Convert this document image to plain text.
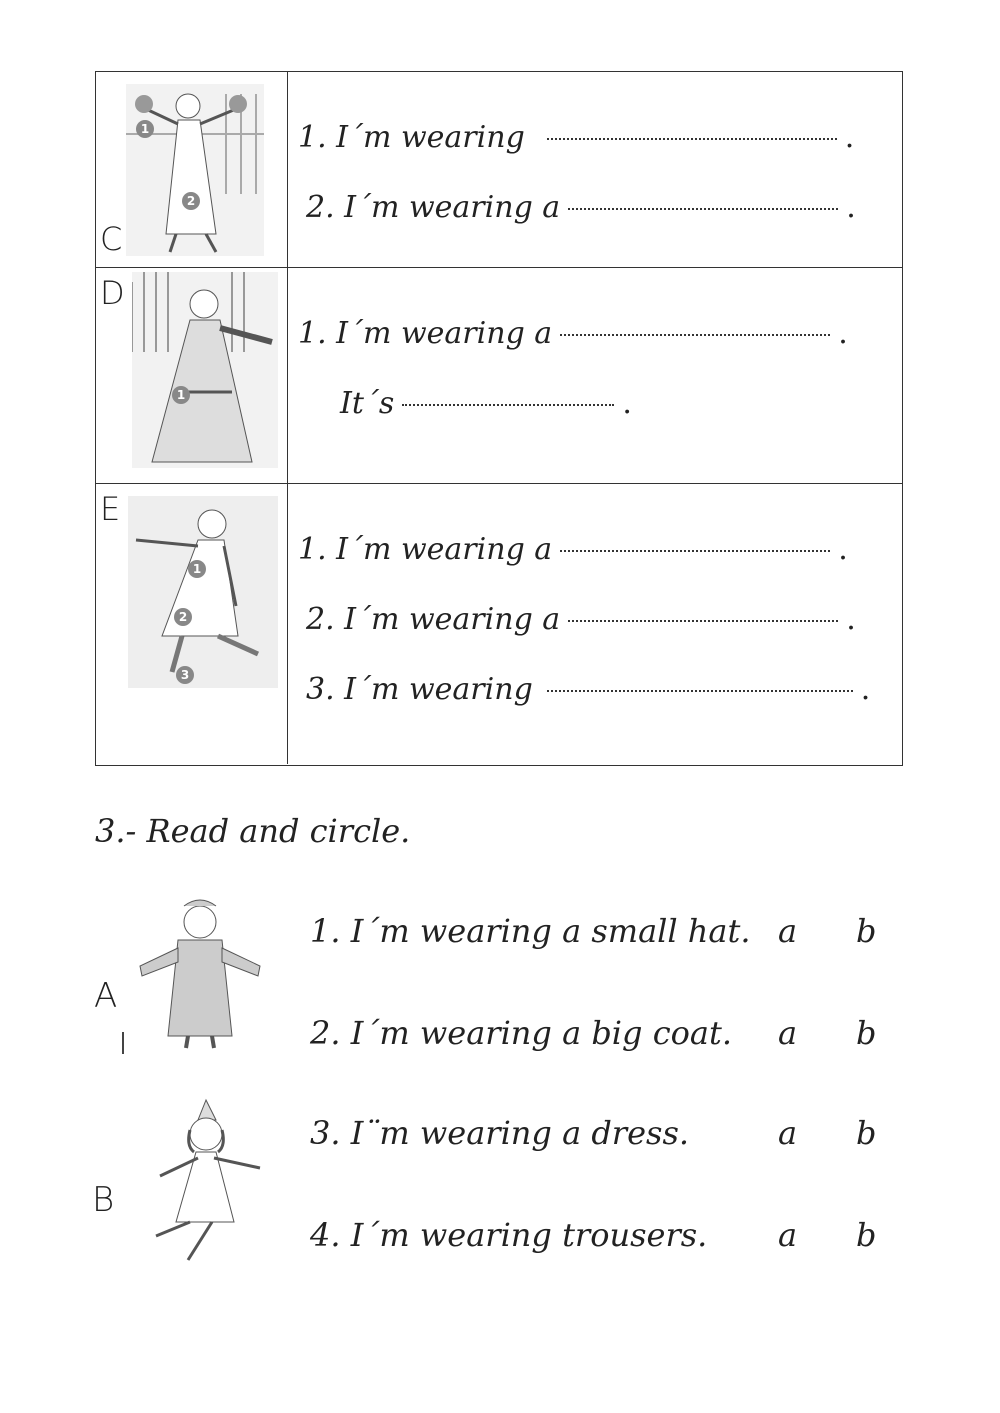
C
1
2
1. I´m wearing	.
2. I´m wearing a	.
D
1
1. I´m wearing a	.
It´s	.
E
1
2
3
1. I´m wearing a	.
2. I´m wearing a	.
3. I´m wearing	.
3.- Read and circle.
A
B
1. I´m wearing a small hat. a b
2. I´m wearing a big coat. a b
3. I¨m wearing a dress.	a b
4. I´m wearing trousers. a b
